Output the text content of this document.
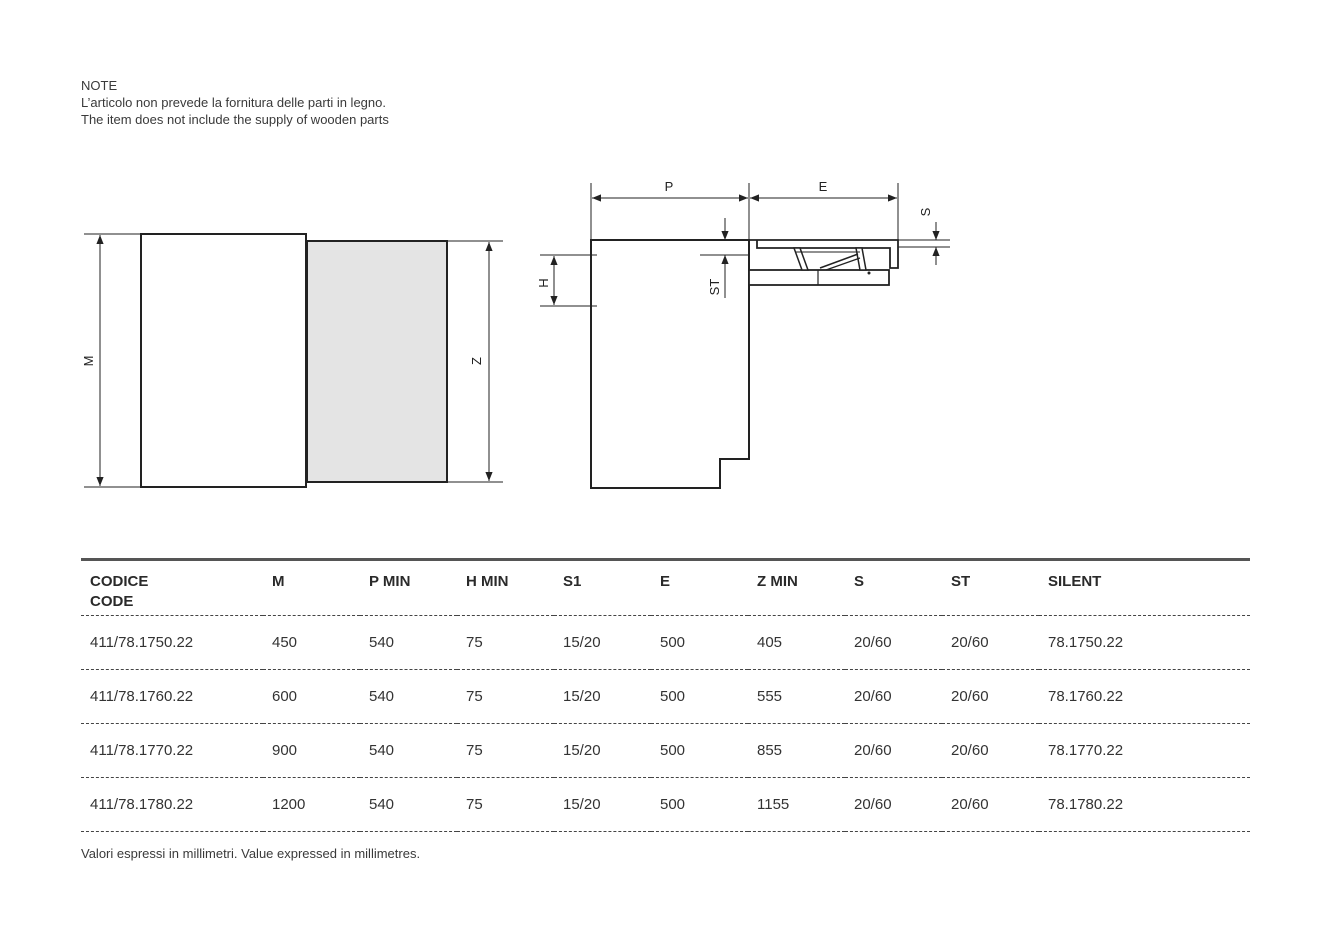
NOTE
L’articolo non prevede la fornitura delle parti in legno.
The item does not include the supply of wooden parts
M	Z
P	E
S
ST
H
CODICE
CODE	M	P MIN	H MIN	S1	E	Z MIN	S	ST	SILENT
411/78.1750.22	450	540	75	15/20	500	405	20/60	20/60	78.1750.22
411/78.1760.22	600	540	75	15/20	500	555	20/60	20/60	78.1760.22
411/78.1770.22	900	540	75	15/20	500	855	20/60	20/60	78.1770.22
411/78.1780.22	1200	540	75	15/20	500	1155	20/60	20/60	78.1780.22
Valori espressi in millimetri. Value expressed in millimetres.
